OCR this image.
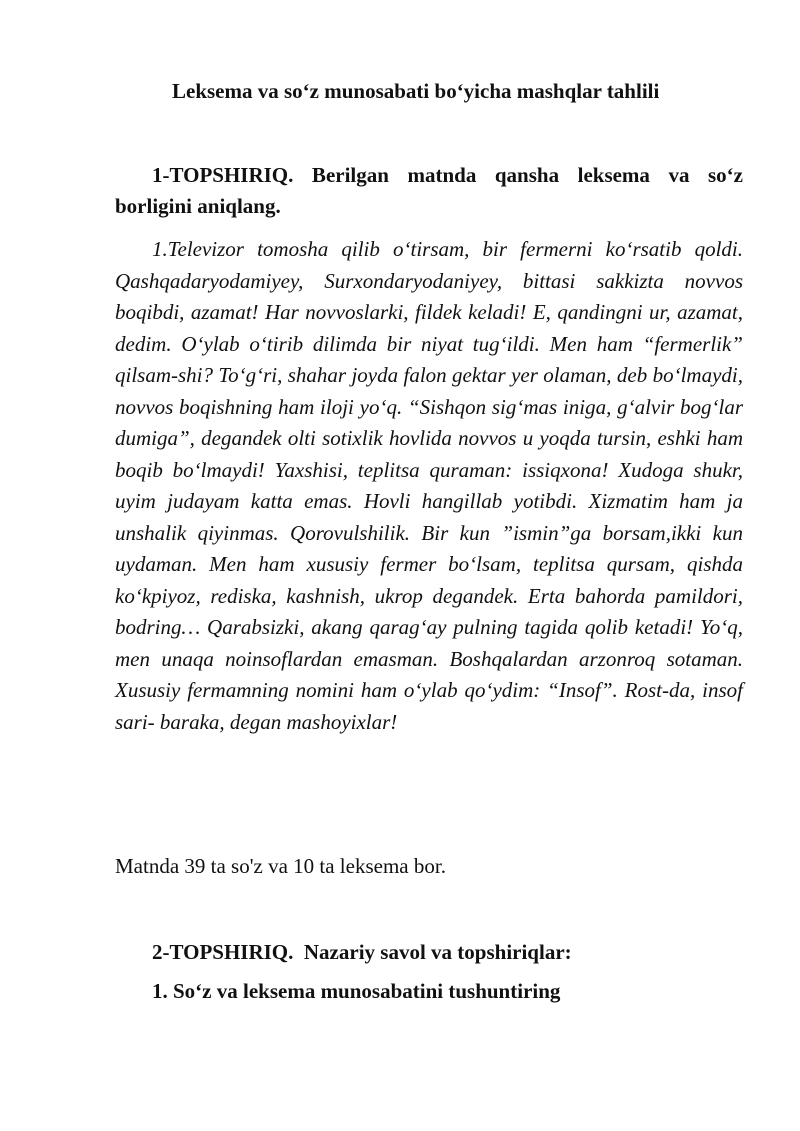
Leksema va so‘z munosabati bo‘yicha mashqlar tahlili

1-TOPSHIRIQ. Berilgan matnda qansha leksema va so‘z borligini aniqlang.

1.Televizor tomosha qilib o‘tirsam, bir fermerni ko‘rsatib qoldi. Qashqadaryodamiyey, Surxondaryodaniyey, bittasi sakkizta novvos boqibdi, azamat! Har novvoslarki, fildek keladi! E, qandingni ur, azamat, dedim. O‘ylab o‘tirib dilimda bir niyat tug‘ildi. Men ham “fermerlik” qilsam-shi? To‘g‘ri, shahar joyda falon gektar yer olaman, deb bo‘lmaydi, novvos boqishning ham iloji yo‘q. “Sishqon sig‘mas iniga, g‘alvir bog‘lar dumiga”, degandek olti sotixlik hovlida novvos u yoqda tursin, eshki ham boqib bo‘lmaydi! Yaxshisi, teplitsa quraman: issiqxona! Xudoga shukr, uyim judayam katta emas. Hovli hangillab yotibdi. Xizmatim ham ja unshalik qiyinmas. Qorovulshilik. Bir kun ”ismin”ga borsam,ikki kun uydaman. Men ham xususiy fermer bo‘lsam, teplitsa qursam, qishda ko‘kpiyoz, rediska, kashnish, ukrop degandek. Erta bahorda pamildori, bodring… Qarabsizki, akang qarag‘ay pulning tagida qolib ketadi! Yo‘q, men unaqa noinsoflardan emasman. Boshqalardan arzonroq sotaman. Xususiy fermamning nomini ham o‘ylab qo‘ydim: “Insof”. Rost-da, insof sari- baraka, degan mashoyixlar!

Matnda 39 ta so'z va 10 ta leksema bor.

2-TOPSHIRIQ.  Nazariy savol va topshiriqlar:

1. So‘z va leksema munosabatini tushuntiring
